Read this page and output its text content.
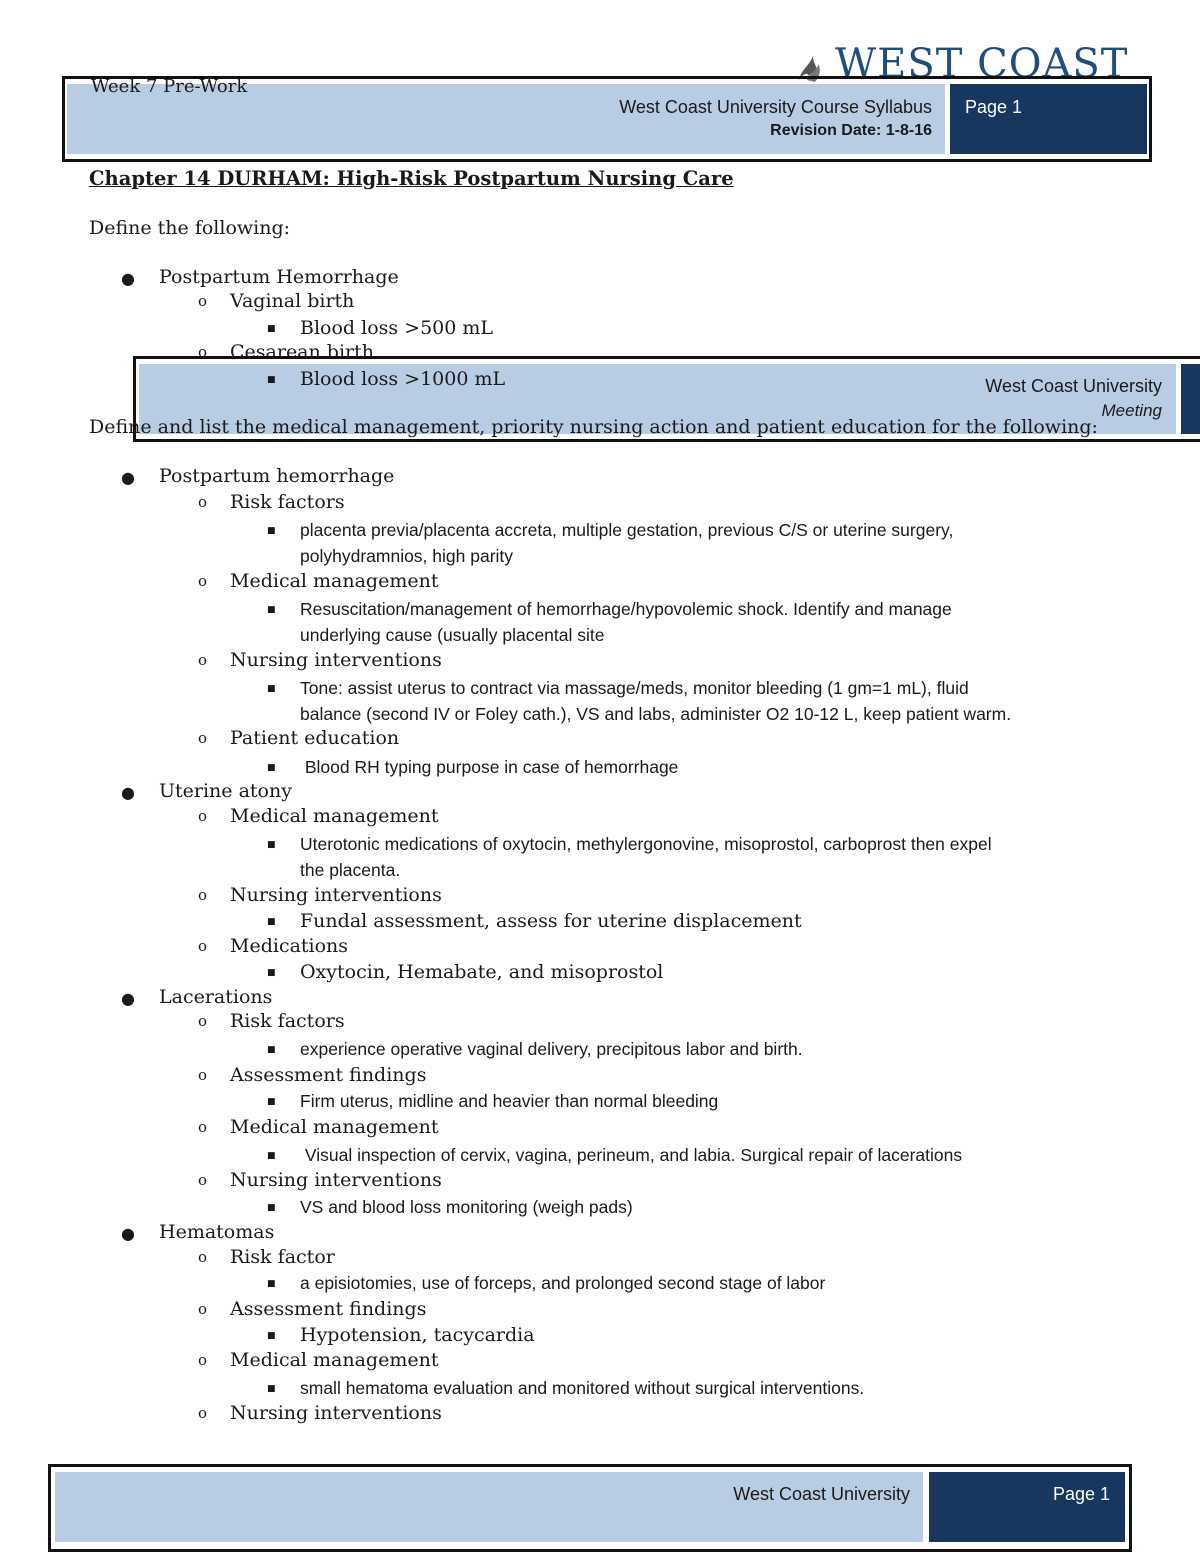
WEST COAST
Week 7 Pre-Work
West Coast University Course Syllabus
Revision Date: 1-8-16
Page 1
Chapter 14 DURHAM: High-Risk Postpartum Nursing Care
Define the following:
● Postpartum Hemorrhage
o Vaginal birth
■ Blood loss >500 mL
o Cesarean birth
West Coast University
Meeting
■ Blood loss >1000 mL
Define and list the medical management, priority nursing action and patient education for the following:
● Postpartum hemorrhage
o Risk factors
■ placenta previa/placenta accreta, multiple gestation, previous C/S or uterine surgery,
polyhydramnios, high parity
o Medical management
■ Resuscitation/management of hemorrhage/hypovolemic shock. Identify and manage
underlying cause (usually placental site
o Nursing interventions
■ Tone: assist uterus to contract via massage/meds, monitor bleeding (1 gm=1 mL), fluid
balance (second IV or Foley cath.), VS and labs, administer O2 10-12 L, keep patient warm.
o Patient education
■ Blood RH typing purpose in case of hemorrhage
● Uterine atony
o Medical management
■ Uterotonic medications of oxytocin, methylergonovine, misoprostol, carboprost then expel
the placenta.
o Nursing interventions
■ Fundal assessment, assess for uterine displacement
o Medications
■ Oxytocin, Hemabate, and misoprostol
● Lacerations
o Risk factors
■ experience operative vaginal delivery, precipitous labor and birth.
o Assessment findings
■ Firm uterus, midline and heavier than normal bleeding
o Medical management
■ Visual inspection of cervix, vagina, perineum, and labia. Surgical repair of lacerations
o Nursing interventions
■ VS and blood loss monitoring (weigh pads)
● Hematomas
o Risk factor
■ a episiotomies, use of forceps, and prolonged second stage of labor
o Assessment findings
■ Hypotension, tacycardia
o Medical management
■ small hematoma evaluation and monitored without surgical interventions.
o Nursing interventions
West Coast University	Page 1
